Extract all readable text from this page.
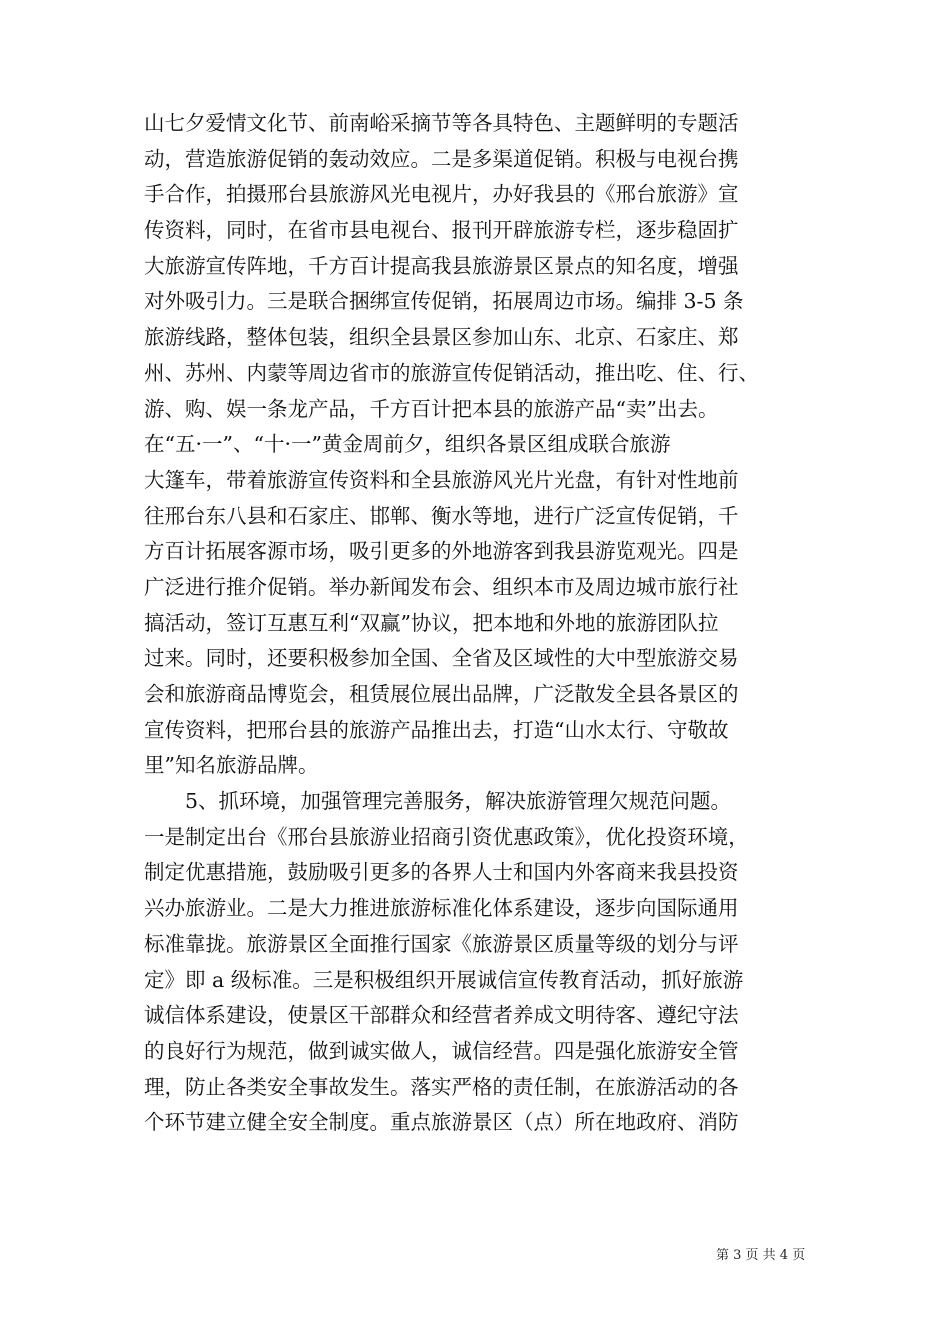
山七夕爱情文化节、前南峪采摘节等各具特色、主题鲜明的专题活
动，营造旅游促销的轰动效应。二是多渠道促销。积极与电视台携
手合作，拍摄邢台县旅游风光电视片，办好我县的《邢台旅游》宣
传资料，同时，在省市县电视台、报刊开辟旅游专栏，逐步稳固扩
大旅游宣传阵地，千方百计提高我县旅游景区景点的知名度，增强
对外吸引力。三是联合捆绑宣传促销，拓展周边市场。编排 3-5 条
旅游线路，整体包装，组织全县景区参加山东、北京、石家庄、郑
州、苏州、内蒙等周边省市的旅游宣传促销活动，推出吃、住、行、
游、购、娱一条龙产品，千方百计把本县的旅游产品“卖”出去。
在“五·一”、“十·一”黄金周前夕，组织各景区组成联合旅游
大篷车，带着旅游宣传资料和全县旅游风光片光盘，有针对性地前
往邢台东八县和石家庄、邯郸、衡水等地，进行广泛宣传促销，千
方百计拓展客源市场，吸引更多的外地游客到我县游览观光。四是
广泛进行推介促销。举办新闻发布会、组织本市及周边城市旅行社
搞活动，签订互惠互利“双赢”协议，把本地和外地的旅游团队拉
过来。同时，还要积极参加全国、全省及区域性的大中型旅游交易
会和旅游商品博览会，租赁展位展出品牌，广泛散发全县各景区的
宣传资料，把邢台县的旅游产品推出去，打造“山水太行、守敬故
里”知名旅游品牌。
　　5、抓环境，加强管理完善服务，解决旅游管理欠规范问题。
一是制定出台《邢台县旅游业招商引资优惠政策》，优化投资环境，
制定优惠措施，鼓励吸引更多的各界人士和国内外客商来我县投资
兴办旅游业。二是大力推进旅游标准化体系建设，逐步向国际通用
标准靠拢。旅游景区全面推行国家《旅游景区质量等级的划分与评
定》即 a 级标准。三是积极组织开展诚信宣传教育活动，抓好旅游
诚信体系建设，使景区干部群众和经营者养成文明待客、遵纪守法
的良好行为规范，做到诚实做人，诚信经营。四是强化旅游安全管
理，防止各类安全事故发生。落实严格的责任制，在旅游活动的各
个环节建立健全安全制度。重点旅游景区（点）所在地政府、消防
第 3 页 共 4 页
